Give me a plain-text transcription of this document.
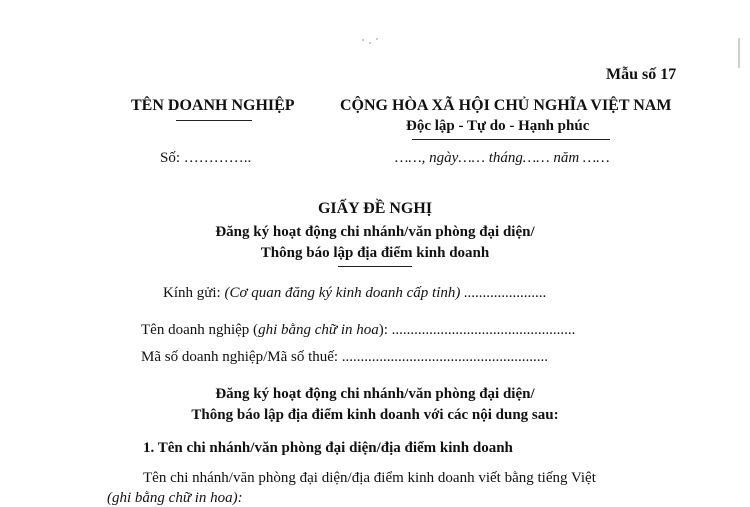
Mẫu số 17
TÊN DOANH NGHIỆP	CỘNG HÒA XÃ HỘI CHỦ NGHĨA VIỆT NAM
Độc lập - Tự do - Hạnh phúc
Số: …………..	……, ngày…… tháng…… năm ……
GIẤY ĐỀ NGHỊ
Đăng ký hoạt động chi nhánh/văn phòng đại diện/
Thông báo lập địa điểm kinh doanh
Kính gửi: (Cơ quan đăng ký kinh doanh cấp tỉnh) ......................
Tên doanh nghiệp (ghi bằng chữ in hoa): .................................................
Mã số doanh nghiệp/Mã số thuế: .......................................................
Đăng ký hoạt động chi nhánh/văn phòng đại diện/
Thông báo lập địa điểm kinh doanh với các nội dung sau:
1. Tên chi nhánh/văn phòng đại diện/địa điểm kinh doanh
Tên chi nhánh/văn phòng đại diện/địa điểm kinh doanh viết bằng tiếng Việt
(ghi bằng chữ in hoa):
